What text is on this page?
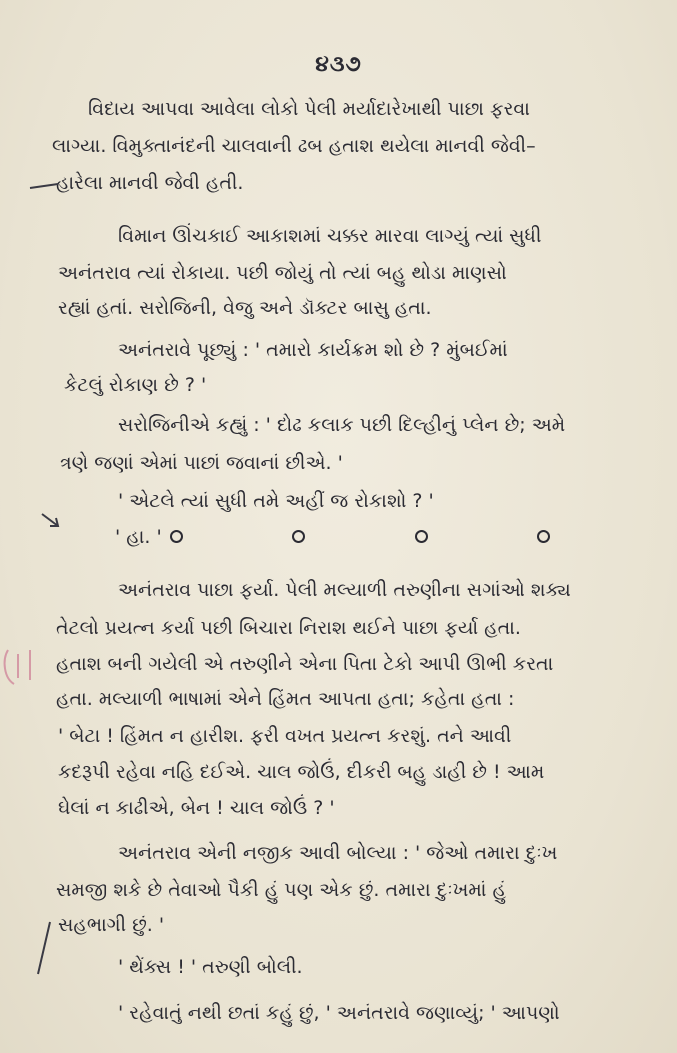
૪૩૭
વિદાય આપવા આવેલા લોકો પેલી મર્યાદારેખાથી પાછા ફરવા
લાગ્યા. વિમુક્તાનંદની ચાલવાની ઢબ હતાશ થયેલા માનવી જેવી–
હારેલા માનવી જેવી હતી.
વિમાન ઊંચકાઈ આકાશમાં ચક્કર મારવા લાગ્યું ત્યાં સુધી
અનંતરાવ ત્યાં રોકાયા. પછી જોયું તો ત્યાં બહુ થોડા માણસો
રહ્યાં હતાં. સરોજિની, વેજુ અને ડૉક્ટર બાસુ હતા.
અનંતરાવે પૂછ્યું : ' તમારો કાર્યક્રમ શો છે ? મુંબઈમાં
કેટલું રોકાણ છે ? '
સરોજિનીએ કહ્યું : ' દોઢ કલાક પછી દિલ્હીનું પ્લેન છે; અમે
ત્રણે જણાં એમાં પાછાં જવાનાં છીએ. '
' એટલે ત્યાં સુધી તમે અહીં જ રોકાશો ? '
' હા. '
અનંતરાવ પાછા ફર્યા. પેલી મલ્યાળી તરુણીના સગાંઓ શક્ય
તેટલો પ્રયત્ન કર્યા પછી બિચારા નિરાશ થઈને પાછા ફર્યા હતા.
હતાશ બની ગયેલી એ તરુણીને એના પિતા ટેકો આપી ઊભી કરતા
હતા. મલ્યાળી ભાષામાં એને હિંમત આપતા હતા; કહેતા હતા :
' બેટા ! હિંમત ન હારીશ. ફરી વખત પ્રયત્ન કરશું. તને આવી
કદરૂપી રહેવા નહિ દઈએ. ચાલ જોઉં, દીકરી બહુ ડાહી છે ! આમ
ઘેલાં ન કાઢીએ, બેન ! ચાલ જોઉં ? '
અનંતરાવ એની નજીક આવી બોલ્યા : ' જેઓ તમારા દુઃખ
સમજી શકે છે તેવાઓ પૈકી હું પણ એક છું. તમારા દુઃખમાં હું
સહભાગી છું. '
' થેંક્સ ! ' તરુણી બોલી.
' રહેવાતું નથી છતાં કહું છું, ' અનંતરાવે જણાવ્યું; ' આપણો
